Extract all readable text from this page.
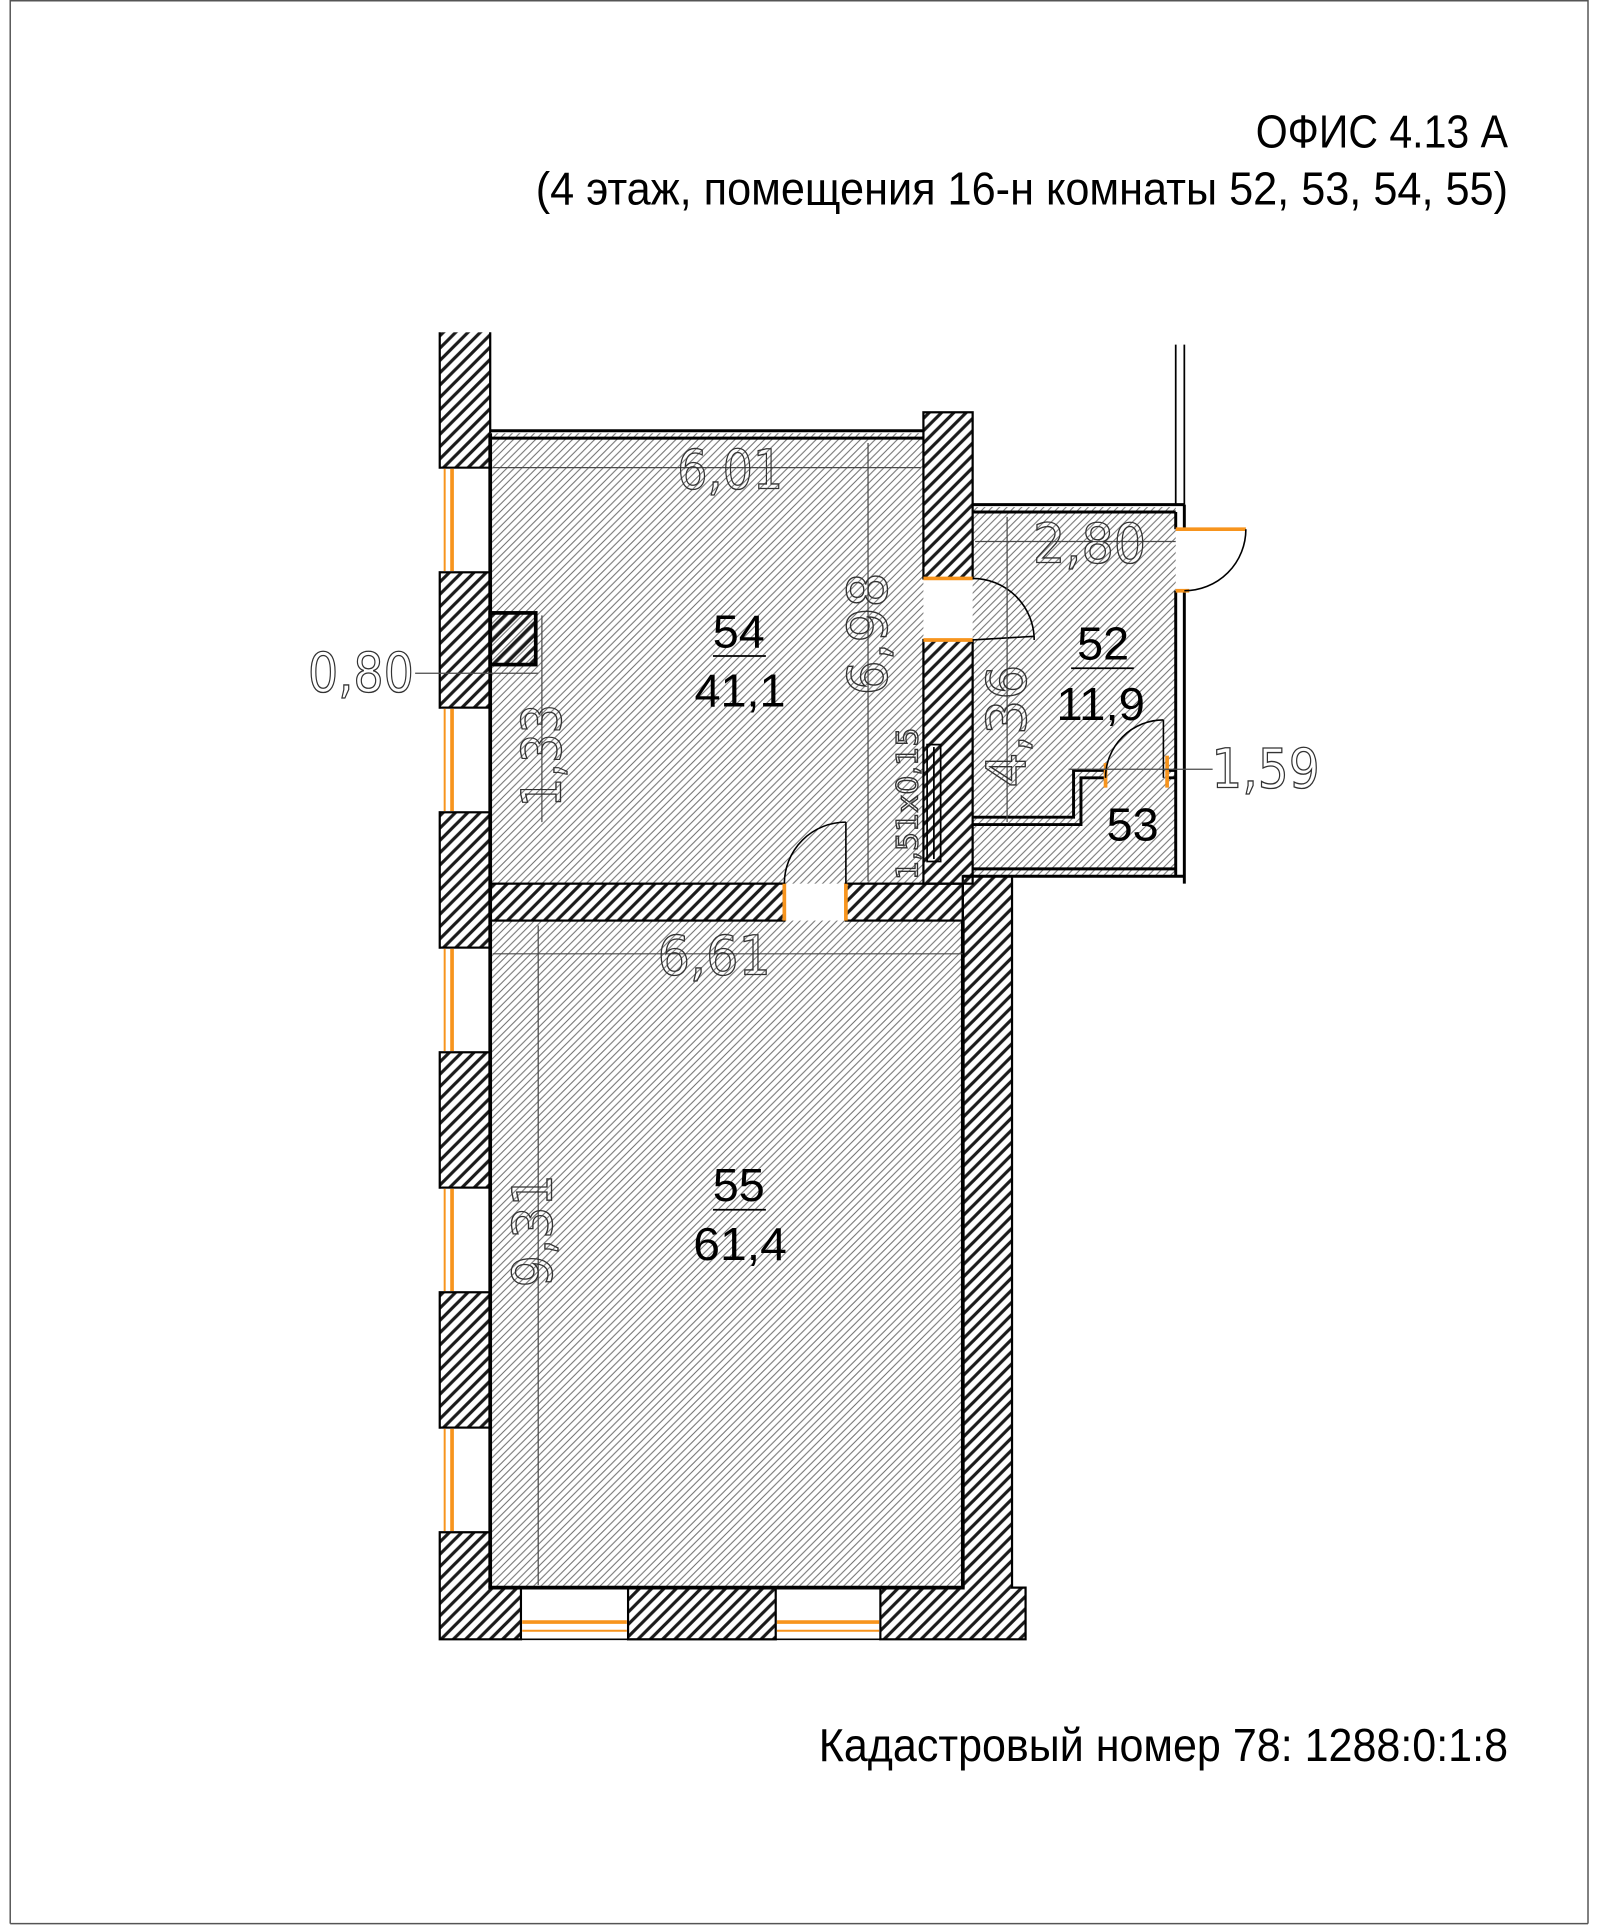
6,01
6,98
1,33
0,80
2,80
4,36	1,59
1,51x0,15
6,61
9,31
54
41,1
52
11,9
53
55
61,4
ОФИС 4.13 А
(4 этаж, помещения 16-н комнаты 52, 53, 54, 55)
Кадастровый номер 78: 1288:0:1:8
